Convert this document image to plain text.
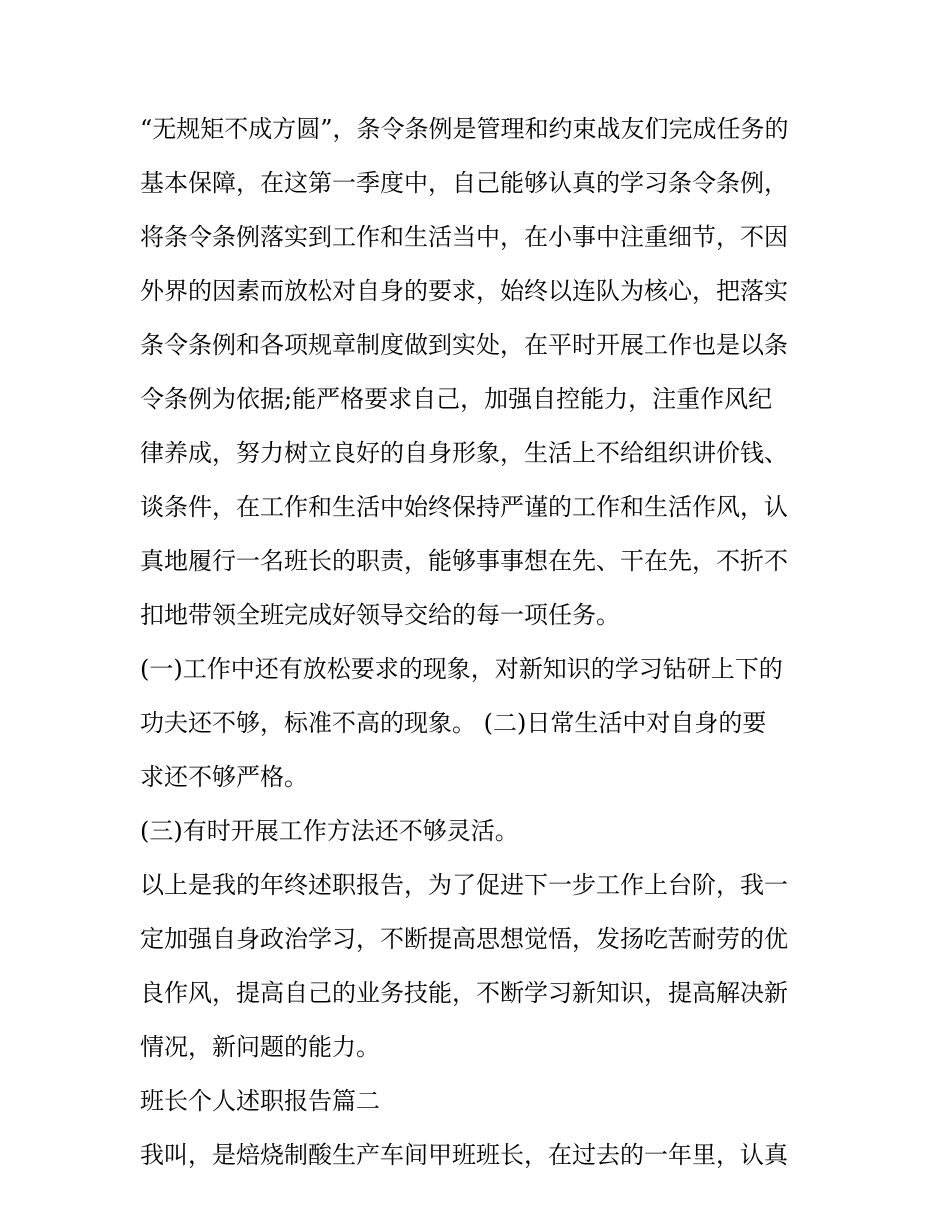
“无规矩不成方圆”，条令条例是管理和约束战友们完成任务的
基本保障，在这第一季度中，自己能够认真的学习条令条例，
将条令条例落实到工作和生活当中，在小事中注重细节，不因
外界的因素而放松对自身的要求，始终以连队为核心，把落实
条令条例和各项规章制度做到实处，在平时开展工作也是以条
令条例为依据;能严格要求自己，加强自控能力，注重作风纪
律养成，努力树立良好的自身形象，生活上不给组织讲价钱、
谈条件，在工作和生活中始终保持严谨的工作和生活作风，认
真地履行一名班长的职责，能够事事想在先、干在先，不折不
扣地带领全班完成好领导交给的每一项任务。
(一)工作中还有放松要求的现象，对新知识的学习钻研上下的
功夫还不够，标准不高的现象。 (二)日常生活中对自身的要
求还不够严格。
(三)有时开展工作方法还不够灵活。
以上是我的年终述职报告，为了促进下一步工作上台阶，我一
定加强自身政治学习，不断提高思想觉悟，发扬吃苦耐劳的优
良作风，提高自己的业务技能，不断学习新知识，提高解决新
情况，新问题的能力。
班长个人述职报告篇二
我叫，是焙烧制酸生产车间甲班班长，在过去的一年里，认真
